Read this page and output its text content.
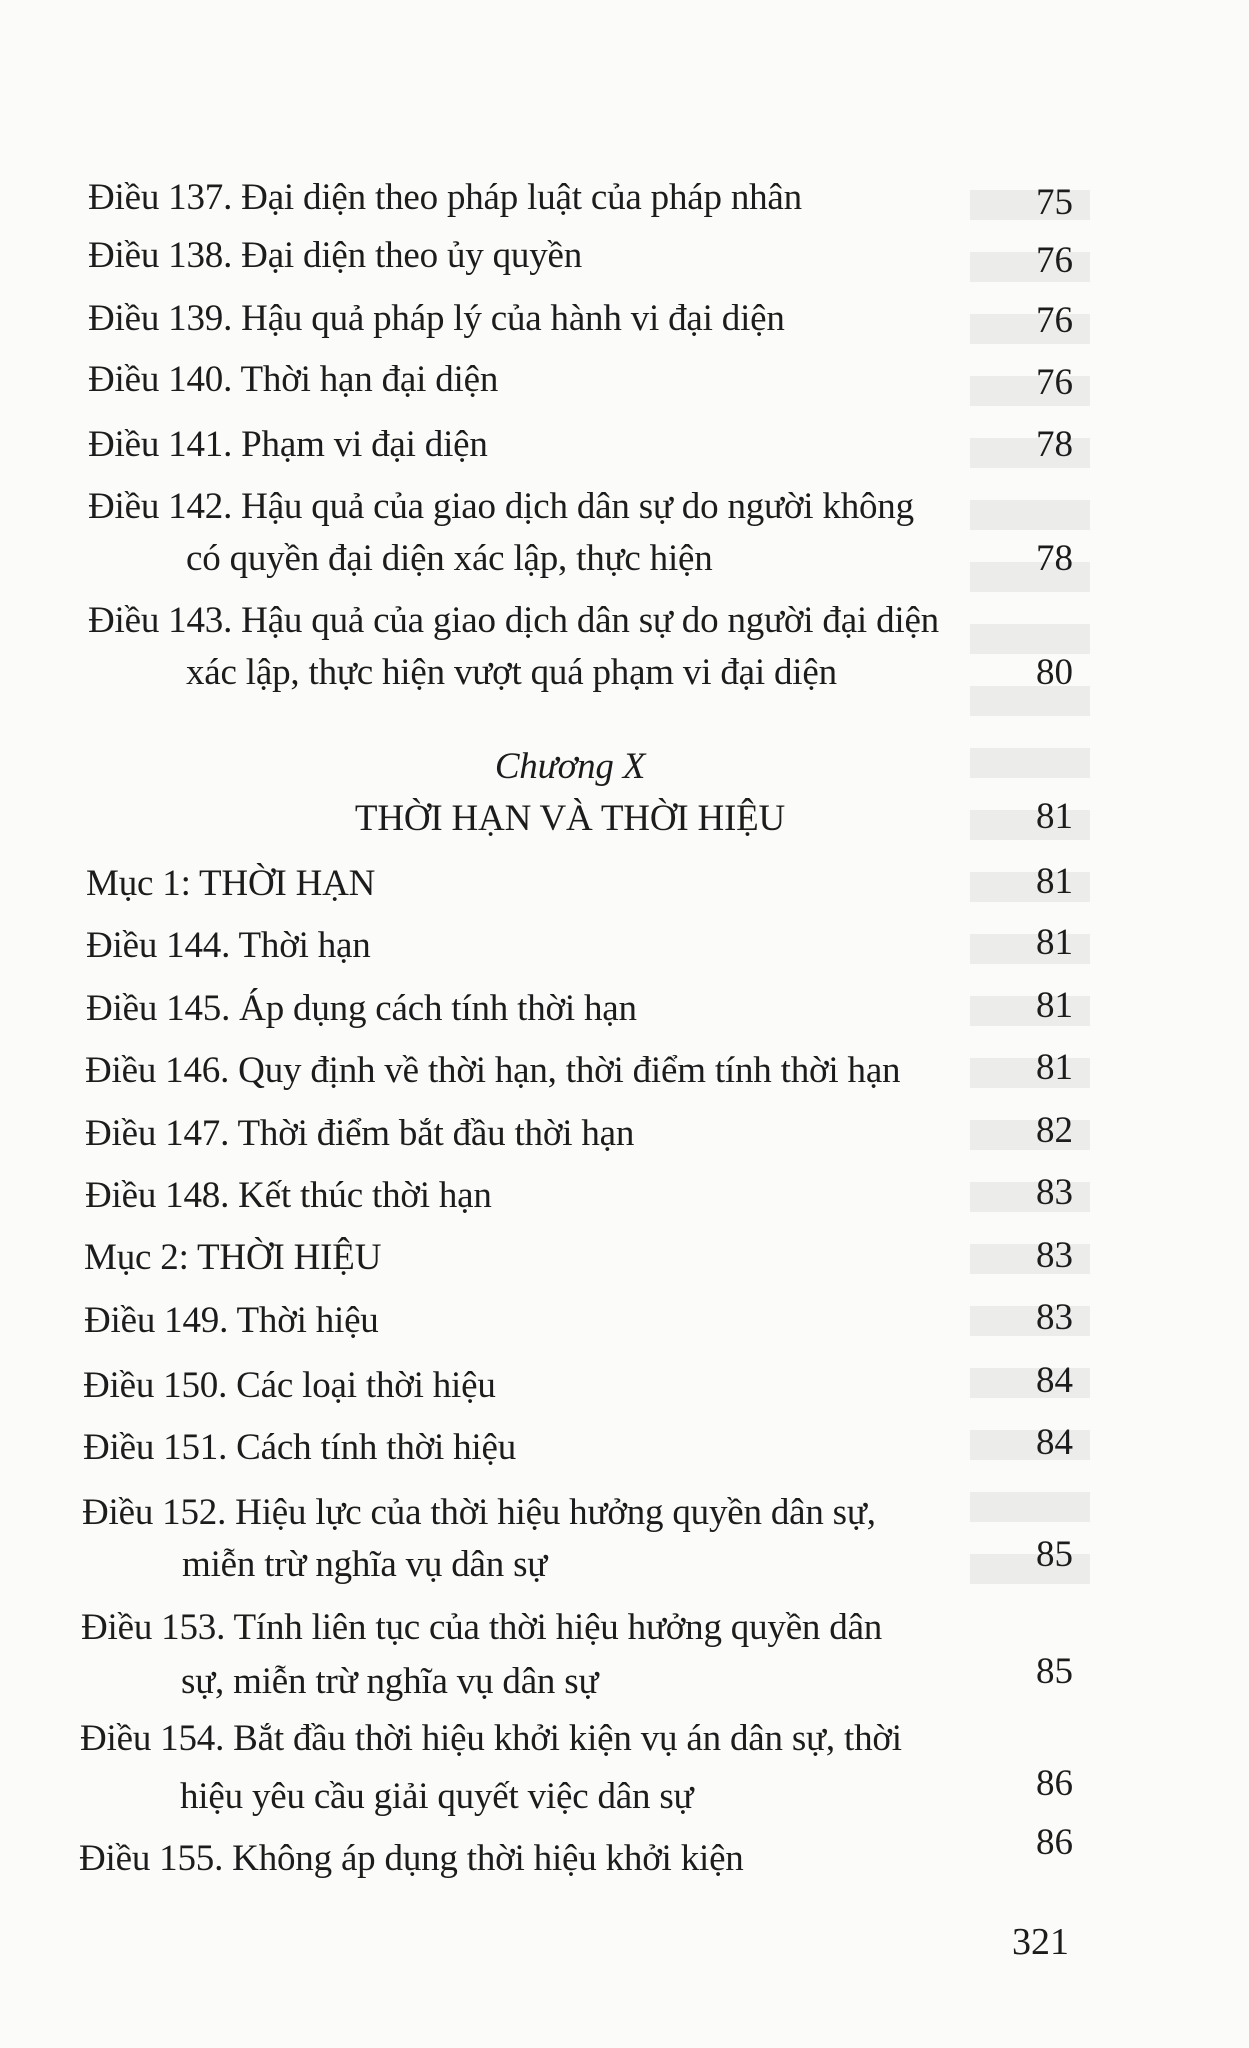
Điều 137. Đại diện theo pháp luật của pháp nhân	75
Điều 138. Đại diện theo ủy quyền	76
Điều 139. Hậu quả pháp lý của hành vi đại diện	76
Điều 140. Thời hạn đại diện	76
Điều 141. Phạm vi đại diện	78
Điều 142. Hậu quả của giao dịch dân sự do người không
có quyền đại diện xác lập, thực hiện	78
Điều 143. Hậu quả của giao dịch dân sự do người đại diện
xác lập, thực hiện vượt quá phạm vi đại diện	80
Chương X
THỜI HẠN VÀ THỜI HIỆU	81
Mục 1: THỜI HẠN	81
Điều 144. Thời hạn	81
Điều 145. Áp dụng cách tính thời hạn	81
Điều 146. Quy định về thời hạn, thời điểm tính thời hạn	81
Điều 147. Thời điểm bắt đầu thời hạn	82
Điều 148. Kết thúc thời hạn	83
Mục 2: THỜI HIỆU	83
Điều 149. Thời hiệu	83
Điều 150. Các loại thời hiệu	84
Điều 151. Cách tính thời hiệu	84
Điều 152. Hiệu lực của thời hiệu hưởng quyền dân sự,
miễn trừ nghĩa vụ dân sự	85
Điều 153. Tính liên tục của thời hiệu hưởng quyền dân
sự, miễn trừ nghĩa vụ dân sự	85
Điều 154. Bắt đầu thời hiệu khởi kiện vụ án dân sự, thời
hiệu yêu cầu giải quyết việc dân sự	86
Điều 155. Không áp dụng thời hiệu khởi kiện	86
321
